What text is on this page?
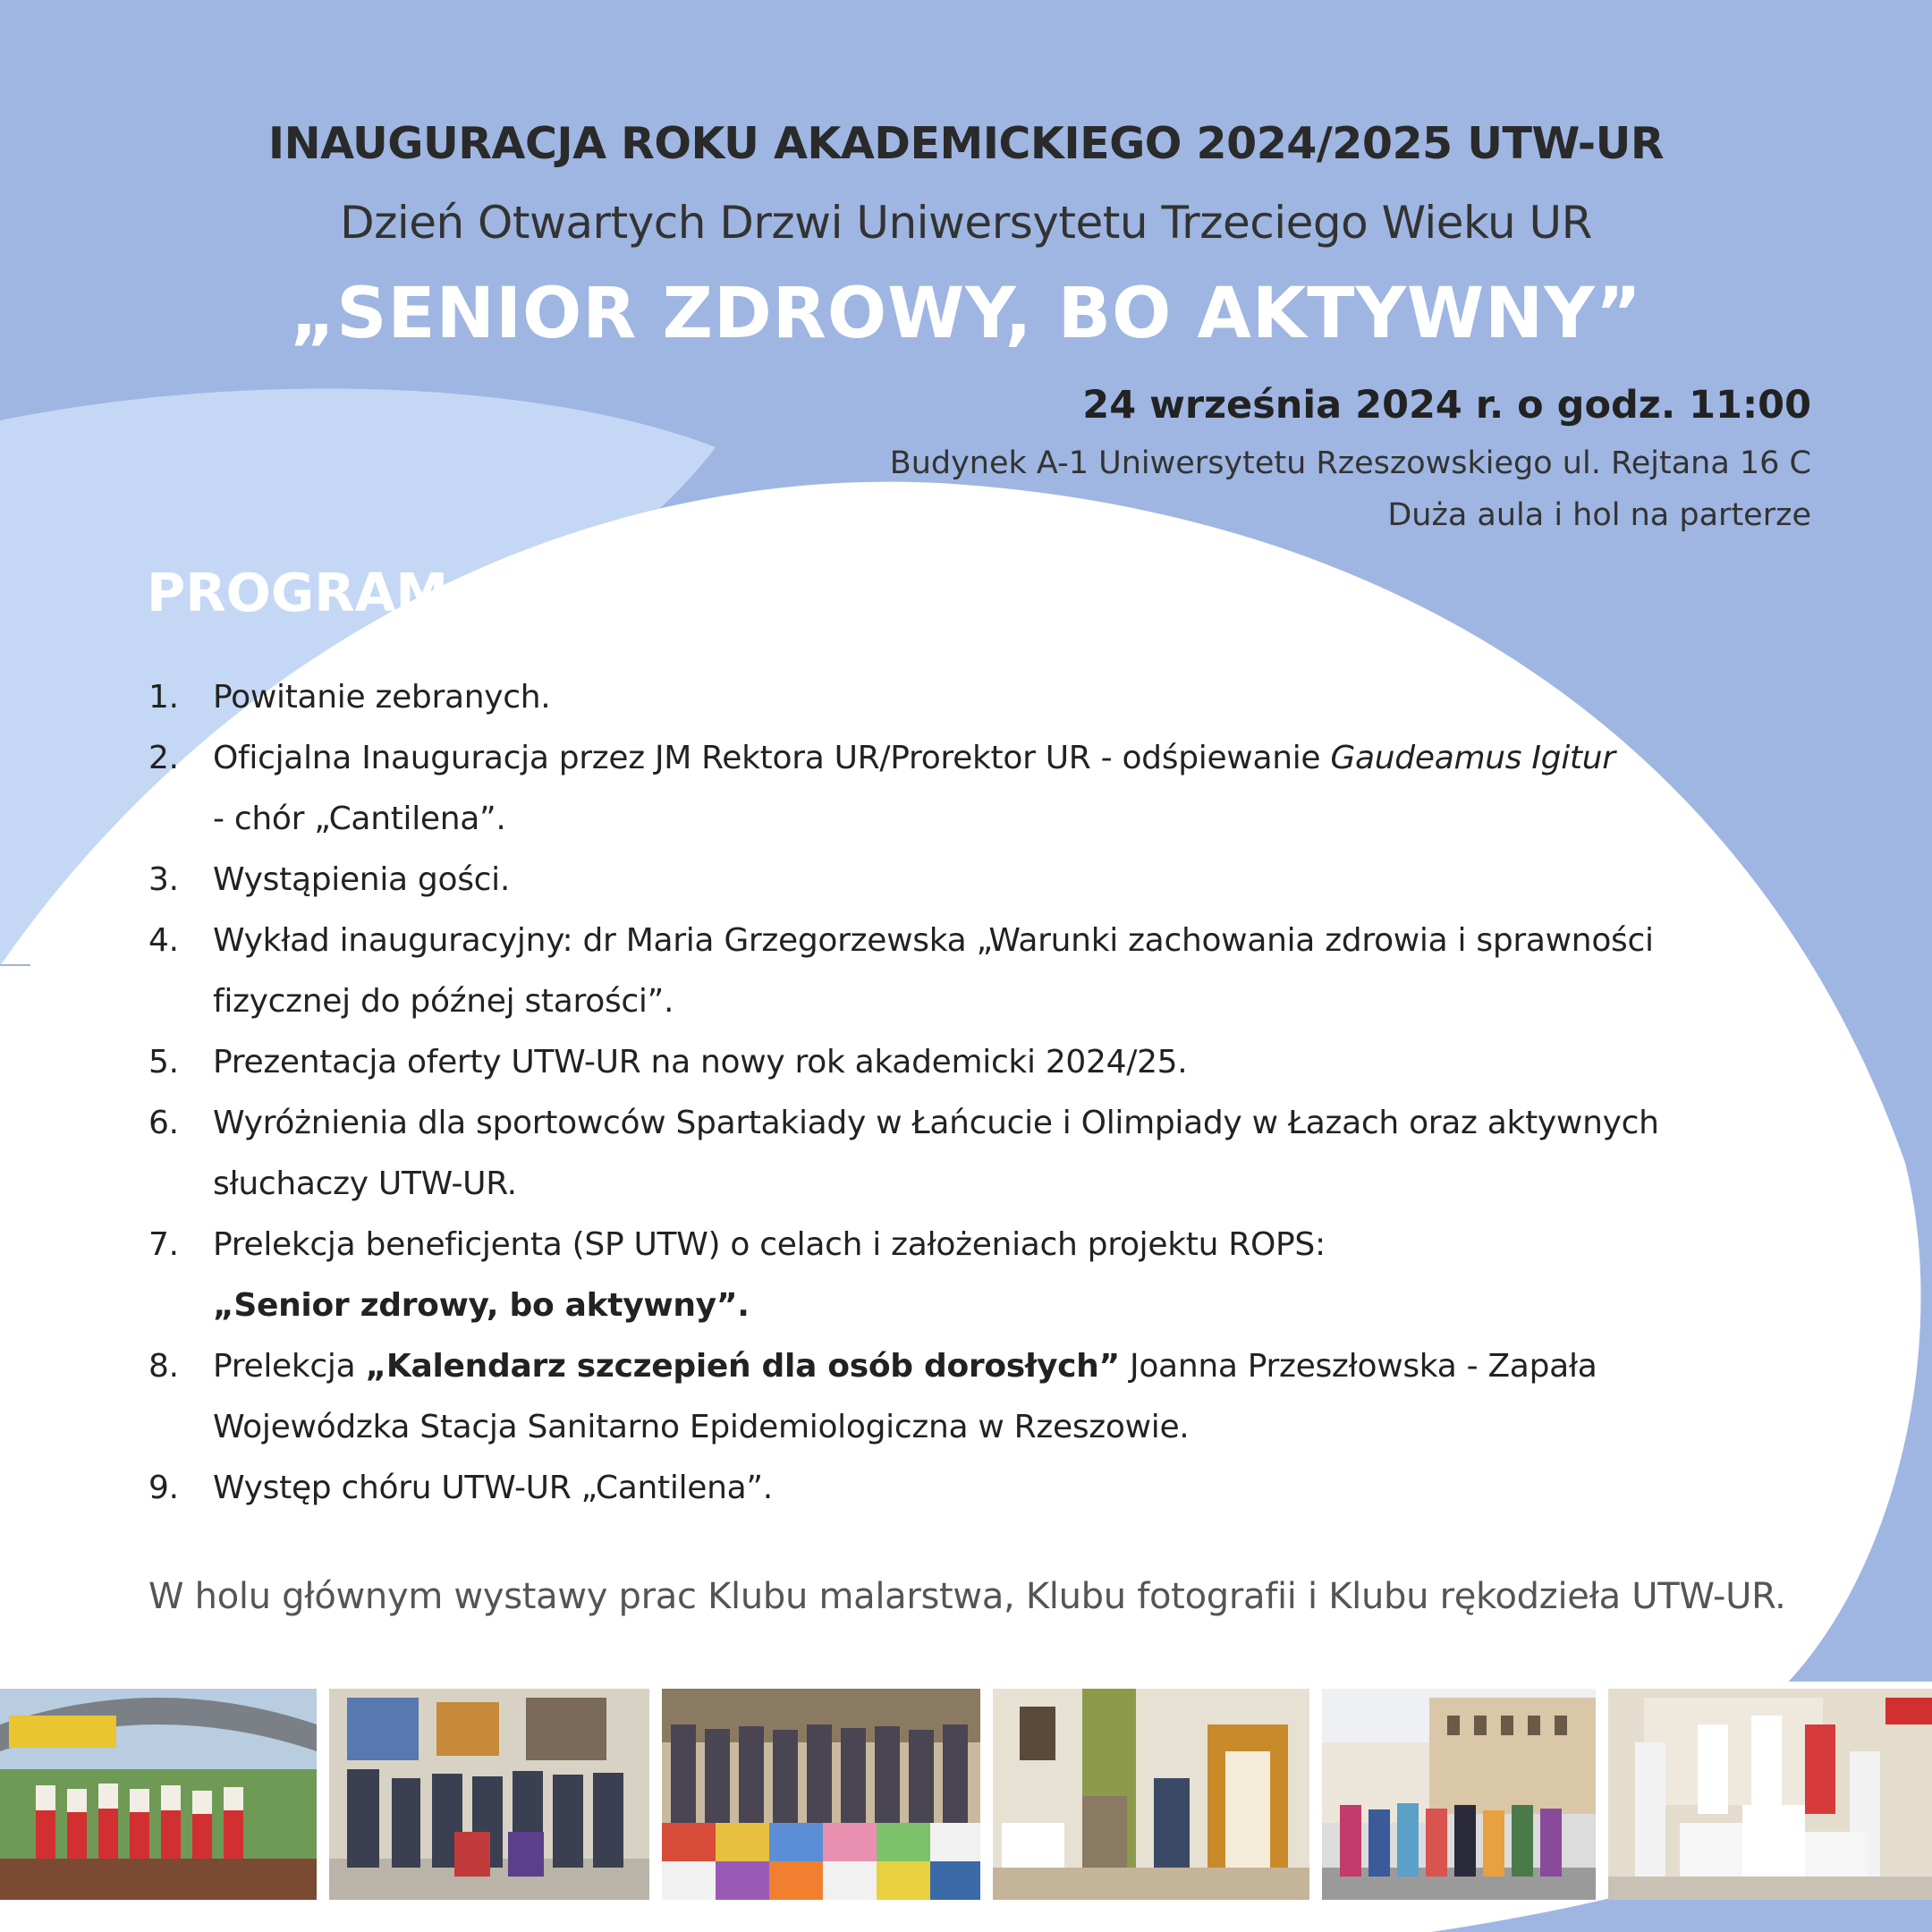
INAUGURACJA ROKU AKADEMICKIEGO 2024/2025 UTW-UR
Dzień Otwartych Drzwi Uniwersytetu Trzeciego Wieku UR
„SENIOR ZDROWY, BO AKTYWNY”
24 września 2024 r. o godz. 11:00
Budynek A-1 Uniwersytetu Rzeszowskiego ul. Rejtana 16 C
Duża aula i hol na parterze
PROGRAM
1.	Powitanie zebranych.
2.	Oficjalna Inauguracja przez JM Rektora UR/Prorektor UR - odśpiewanie Gaudeamus Igitur
- chór „Cantilena”.
3.	Wystąpienia gości.
4.	Wykład inauguracyjny: dr Maria Grzegorzewska „Warunki zachowania zdrowia i sprawności
fizycznej do późnej starości”.
5.	Prezentacja oferty UTW-UR na nowy rok akademicki 2024/25.
6.	Wyróżnienia dla sportowców Spartakiady w Łańcucie i Olimpiady w Łazach oraz aktywnych
słuchaczy UTW-UR.
7.	Prelekcja beneficjenta (SP UTW) o celach i założeniach projektu ROPS:
„Senior zdrowy, bo aktywny”.
8.	Prelekcja „Kalendarz szczepień dla osób dorosłych” Joanna Przeszłowska - Zapała
Wojewódzka Stacja Sanitarno Epidemiologiczna w Rzeszowie.
9.	Występ chóru UTW-UR „Cantilena”.
W holu głównym wystawy prac Klubu malarstwa, Klubu fotografii i Klubu rękodzieła UTW-UR.
